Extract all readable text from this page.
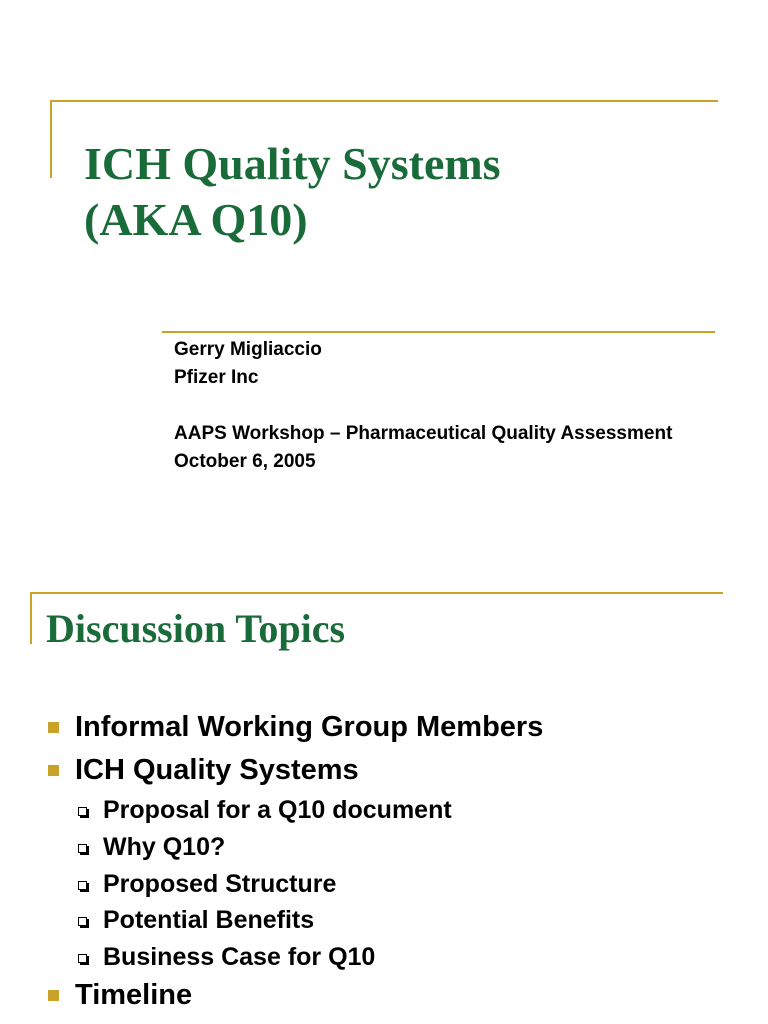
ICH Quality Systems
(AKA Q10)
Gerry Migliaccio
Pfizer Inc
AAPS Workshop – Pharmaceutical Quality Assessment
October 6, 2005
Discussion Topics
Informal Working Group Members
ICH Quality Systems
Proposal for a Q10 document
Why Q10?
Proposed Structure
Potential Benefits
Business Case for Q10
Timeline
